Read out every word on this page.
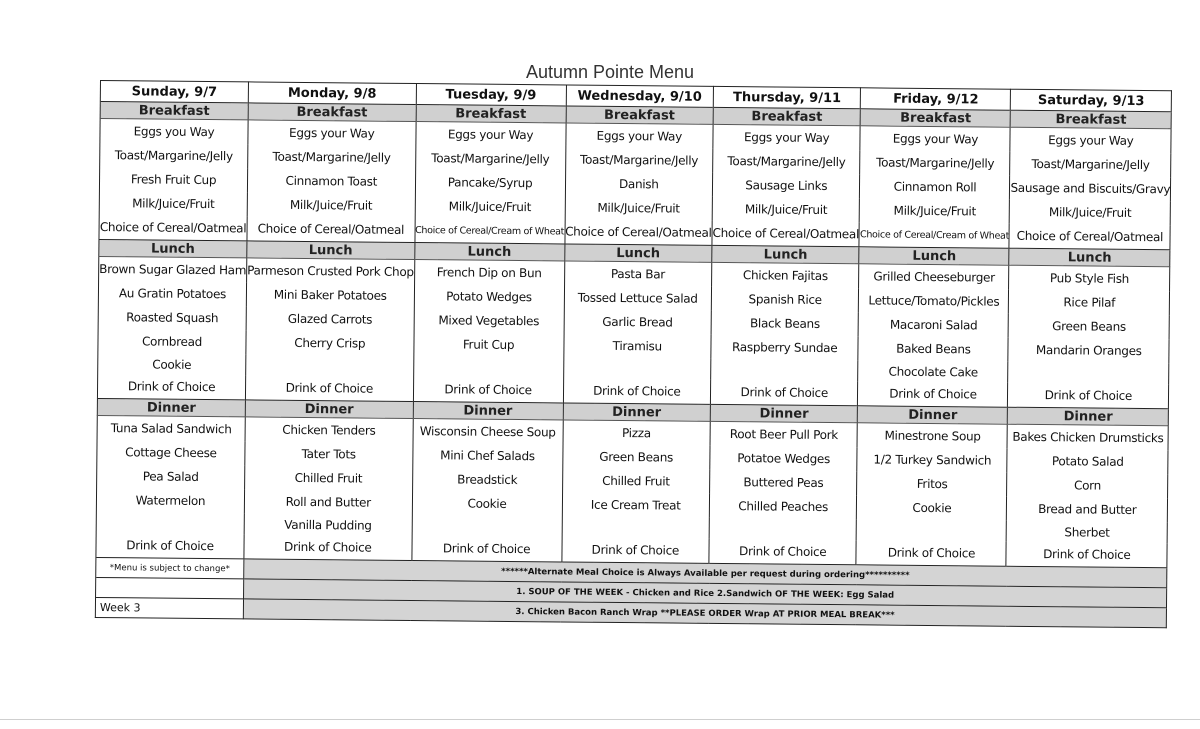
Autumn Pointe Menu
Sunday, 9/7	Monday, 9/8	Tuesday, 9/9	Wednesday, 9/10	Thursday, 9/11	Friday, 9/12	Saturday, 9/13
Breakfast	Breakfast	Breakfast	Breakfast	Breakfast	Breakfast	Breakfast
Eggs you Way	Eggs your Way	Eggs your Way	Eggs your Way	Eggs your Way	Eggs your Way	Eggs your Way
Toast/Margarine/Jelly	Toast/Margarine/Jelly	Toast/Margarine/Jelly	Toast/Margarine/Jelly	Toast/Margarine/Jelly	Toast/Margarine/Jelly	Toast/Margarine/Jelly
Fresh Fruit Cup	Cinnamon Toast	Pancake/Syrup	Danish	Sausage Links	Cinnamon Roll	Sausage and Biscuits/Gravy
Milk/Juice/Fruit	Milk/Juice/Fruit	Milk/Juice/Fruit	Milk/Juice/Fruit	Milk/Juice/Fruit	Milk/Juice/Fruit	Milk/Juice/Fruit
Choice of Cereal/Oatmeal	Choice of Cereal/Oatmeal	Choice of Cereal/Cream of Wheat	Choice of Cereal/Oatmeal	Choice of Cereal/Oatmeal	Choice of Cereal/Cream of Wheat	Choice of Cereal/Oatmeal
Lunch	Lunch	Lunch	Lunch	Lunch	Lunch	Lunch
Brown Sugar Glazed Ham	Parmeson Crusted Pork Chop	French Dip on Bun	Pasta Bar	Chicken Fajitas	Grilled Cheeseburger	Pub Style Fish
Au Gratin Potatoes	Mini Baker Potatoes	Potato Wedges	Tossed Lettuce Salad	Spanish Rice	Lettuce/Tomato/Pickles	Rice Pilaf
Roasted Squash	Glazed Carrots	Mixed Vegetables	Garlic Bread	Black Beans	Macaroni Salad	Green Beans
Cornbread	Cherry Crisp	Fruit Cup	Tiramisu	Raspberry Sundae	Baked Beans	Mandarin Oranges
Cookie					Chocolate Cake	
Drink of Choice	Drink of Choice	Drink of Choice	Drink of Choice	Drink of Choice	Drink of Choice	Drink of Choice
Dinner	Dinner	Dinner	Dinner	Dinner	Dinner	Dinner
Tuna Salad Sandwich	Chicken Tenders	Wisconsin Cheese Soup	Pizza	Root Beer Pull Pork	Minestrone Soup	Bakes Chicken Drumsticks
Cottage Cheese	Tater Tots	Mini Chef Salads	Green Beans	Potatoe Wedges	1/2 Turkey Sandwich	Potato Salad
Pea Salad	Chilled Fruit	Breadstick	Chilled Fruit	Buttered Peas	Fritos	Corn
Watermelon	Roll and Butter	Cookie	Ice Cream Treat	Chilled Peaches	Cookie	Bread and Butter
	Vanilla Pudding					Sherbet
Drink of Choice	Drink of Choice	Drink of Choice	Drink of Choice	Drink of Choice	Drink of Choice	Drink of Choice
*Menu is subject to change*	******Alternate Meal Choice is Always Available per request during ordering**********					
	1. SOUP OF THE WEEK - Chicken and Rice 2.Sandwich OF THE WEEK: Egg Salad					
Week 3	3. Chicken Bacon Ranch Wrap **PLEASE ORDER Wrap AT PRIOR MEAL BREAK***					
